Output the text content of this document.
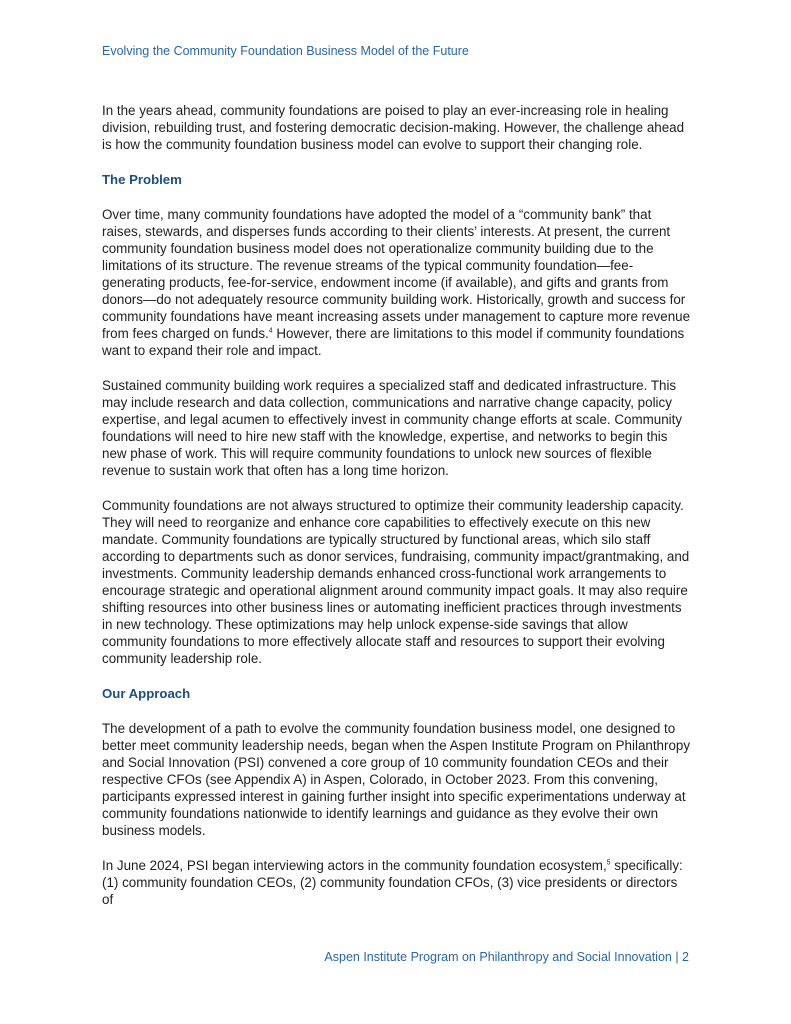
Evolving the Community Foundation Business Model of the Future

In the years ahead, community foundations are poised to play an ever-increasing role in healing division, rebuilding trust, and fostering democratic decision-making. However, the challenge ahead is how the community foundation business model can evolve to support their changing role.

The Problem

Over time, many community foundations have adopted the model of a “community bank” that raises, stewards, and disperses funds according to their clients’ interests. At present, the current community foundation business model does not operationalize community building due to the limitations of its structure. The revenue streams of the typical community foundation—fee-generating products, fee-for-service, endowment income (if available), and gifts and grants from donors—do not adequately resource community building work. Historically, growth and success for community foundations have meant increasing assets under management to capture more revenue from fees charged on funds.$^4$ However, there are limitations to this model if community foundations want to expand their role and impact.

Sustained community building work requires a specialized staff and dedicated infrastructure. This may include research and data collection, communications and narrative change capacity, policy expertise, and legal acumen to effectively invest in community change efforts at scale. Community foundations will need to hire new staff with the knowledge, expertise, and networks to begin this new phase of work. This will require community foundations to unlock new sources of flexible revenue to sustain work that often has a long time horizon.

Community foundations are not always structured to optimize their community leadership capacity. They will need to reorganize and enhance core capabilities to effectively execute on this new mandate. Community foundations are typically structured by functional areas, which silo staff according to departments such as donor services, fundraising, community impact/grantmaking, and investments. Community leadership demands enhanced cross-functional work arrangements to encourage strategic and operational alignment around community impact goals. It may also require shifting resources into other business lines or automating inefficient practices through investments in new technology. These optimizations may help unlock expense-side savings that allow community foundations to more effectively allocate staff and resources to support their evolving community leadership role.

Our Approach

The development of a path to evolve the community foundation business model, one designed to better meet community leadership needs, began when the Aspen Institute Program on Philanthropy and Social Innovation (PSI) convened a core group of 10 community foundation CEOs and their respective CFOs (see Appendix A) in Aspen, Colorado, in October 2023. From this convening, participants expressed interest in gaining further insight into specific experimentations underway at community foundations nationwide to identify learnings and guidance as they evolve their own business models.

In June 2024, PSI began interviewing actors in the community foundation ecosystem,$^5$ specifically: (1) community foundation CEOs, (2) community foundation CFOs, (3) vice presidents or directors of

Aspen Institute Program on Philanthropy and Social Innovation | 2
